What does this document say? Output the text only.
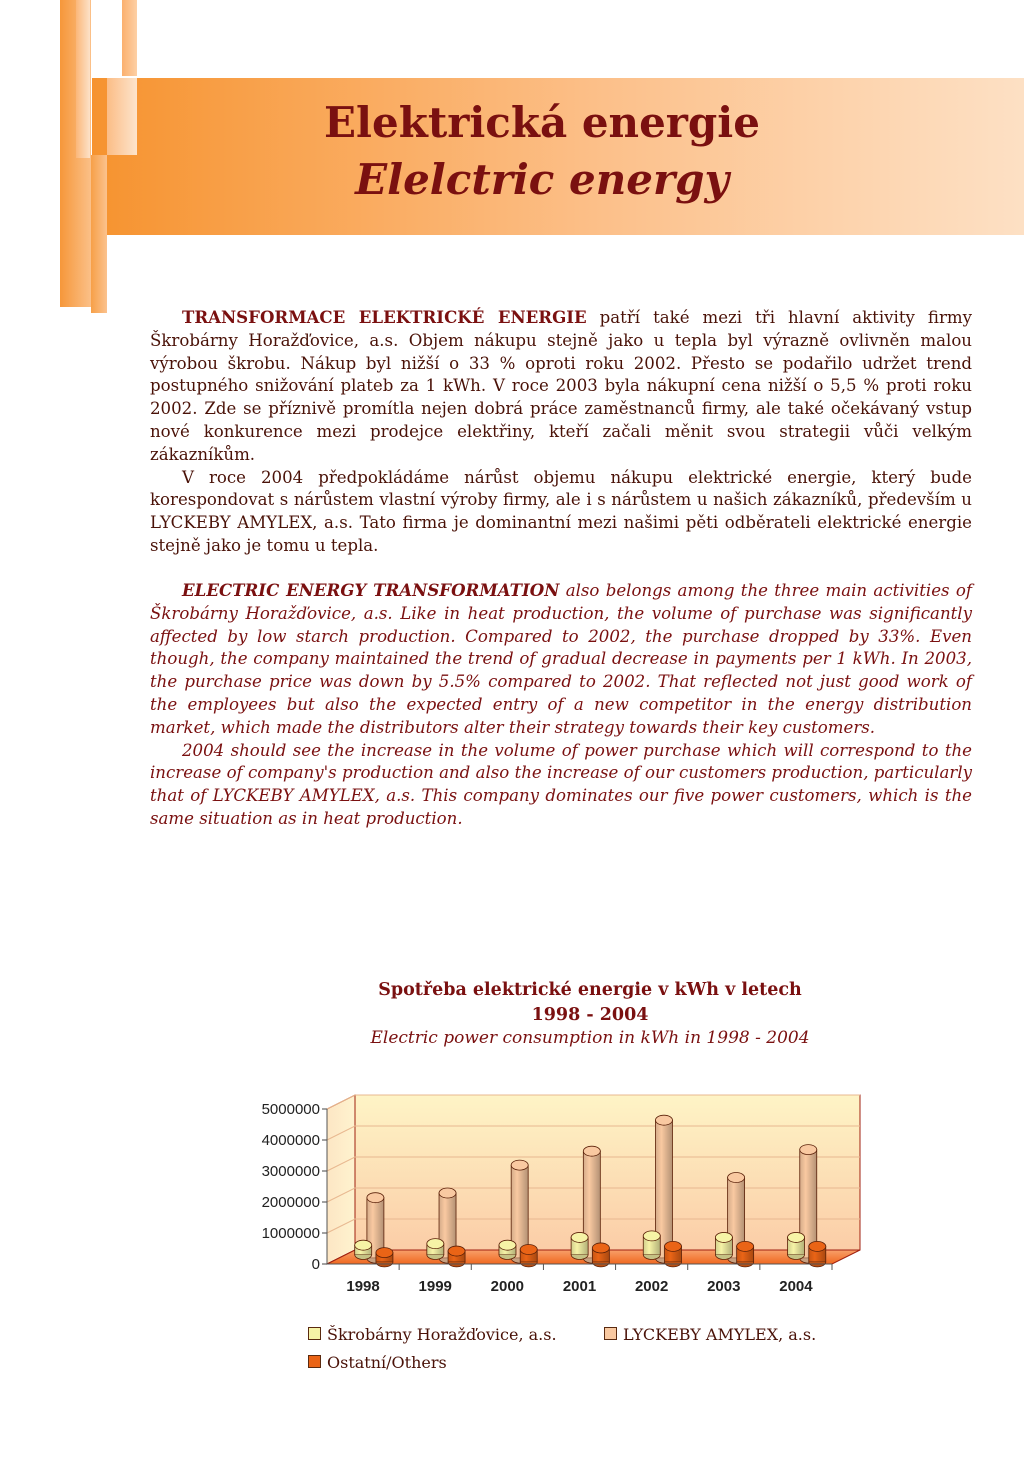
Elektrická energie
Elelctric energy

TRANSFORMACE ELEKTRICKÉ ENERGIE patří také mezi tři hlavní aktivity firmy Škrobárny Horažďovice, a.s. Objem nákupu stejně jako u tepla byl výrazně ovlivněn malou výrobou škrobu. Nákup byl nižší o 33 % oproti roku 2002. Přesto se podařilo udržet trend postupného snižování plateb za 1 kWh. V roce 2003 byla nákupní cena nižší o 5,5 % proti roku 2002. Zde se příznivě promítla nejen dobrá práce zaměstnanců firmy, ale také očekávaný vstup nové konkurence mezi prodejce elektřiny, kteří začali měnit svou strategii vůči velkým zákazníkům.

V roce 2004 předpokládáme nárůst objemu nákupu elektrické energie, který bude korespondovat s nárůstem vlastní výroby firmy, ale i s nárůstem u našich zákazníků, především u LYCKEBY AMYLEX, a.s. Tato firma je dominantní mezi našimi pěti odběrateli elektrické energie stejně jako je tomu u tepla.

ELECTRIC ENERGY TRANSFORMATION also belongs among the three main activities of Škrobárny Horažďovice, a.s. Like in heat production, the volume of purchase was significantly affected by low starch production. Compared to 2002, the purchase dropped by 33%. Even though, the company maintained the trend of gradual decrease in payments per 1 kWh. In 2003, the purchase price was down by 5.5% compared to 2002. That reflected not just good work of the employees but also the expected entry of a new competitor in the energy distribution market, which made the distributors alter their strategy towards their key customers.

2004 should see the increase in the volume of power purchase which will correspond to the increase of company's production and also the increase of our customers production, particularly that of LYCKEBY AMYLEX, a.s. This company dominates our five power customers, which is the same situation as in heat production.

Spotřeba elektrické energie v kWh v letech
1998 - 2004
Electric power consumption in kWh in 1998 - 2004
0
1000000
2000000
3000000
4000000
5000000
1998	1999	2000	2001	2002	2003	2004
Škrobárny Horažďovice, a.s.	LYCKEBY AMYLEX, a.s.
Ostatní/Others
